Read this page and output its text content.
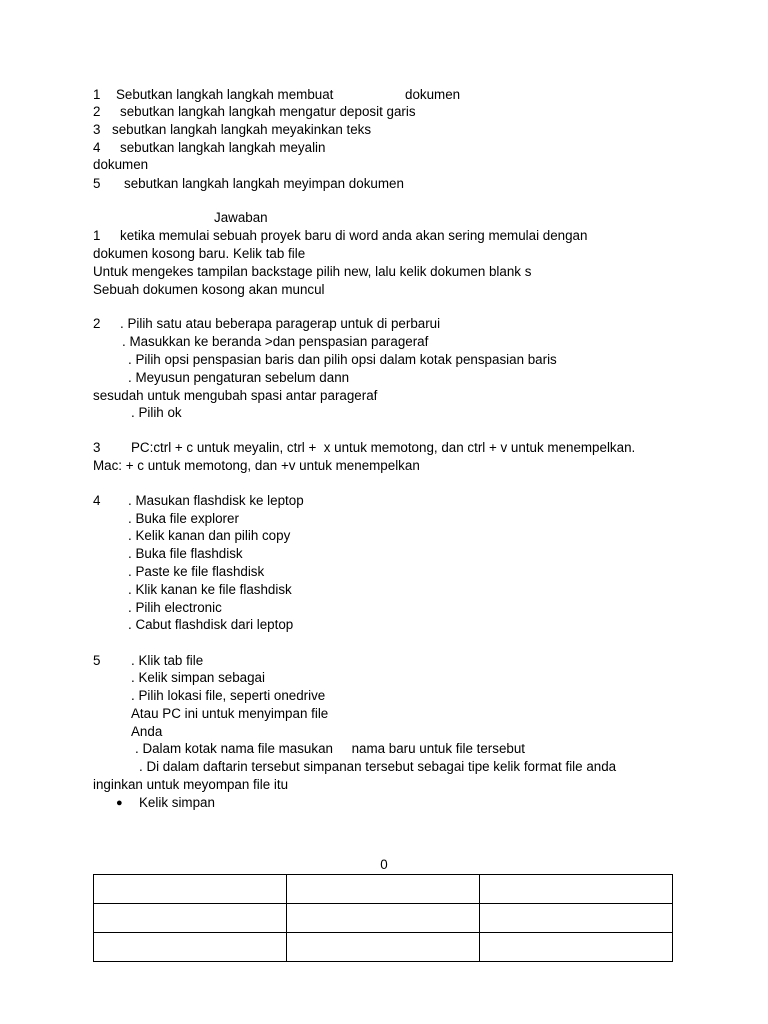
1 Sebutkan langkah langkah membuat	dokumen
2 sebutkan langkah langkah mengatur deposit garis
3 sebutkan langkah langkah meyakinkan teks
4 sebutkan langkah langkah meyalin
dokumen
5 sebutkan langkah langkah meyimpan dokumen
Jawaban
1 ketika memulai sebuah proyek baru di word anda akan sering memulai dengan
dokumen kosong baru. Kelik tab file
Untuk mengekes tampilan backstage pilih new, lalu kelik dokumen blank s
Sebuah dokumen kosong akan muncul
2 . Pilih satu atau beberapa paragerap untuk di perbarui
. Masukkan ke beranda >dan penspasian parageraf
. Pilih opsi penspasian baris dan pilih opsi dalam kotak penspasian baris
. Meyusun pengaturan sebelum dann
sesudah untuk mengubah spasi antar parageraf
. Pilih ok
3 PC:ctrl + c untuk meyalin, ctrl +  x untuk memotong, dan ctrl + v untuk menempelkan.
Mac: + c untuk memotong, dan +v untuk menempelkan
4 . Masukan flashdisk ke leptop
. Buka file explorer
. Kelik kanan dan pilih copy
. Buka file flashdisk
. Paste ke file flashdisk
. Klik kanan ke file flashdisk
. Pilih electronic
. Cabut flashdisk dari leptop
5 . Klik tab file
. Kelik simpan sebagai
. Pilih lokasi file, seperti onedrive
Atau PC ini untuk menyimpan file
Anda
. Dalam kotak nama file masukan     nama baru untuk file tersebut
. Di dalam daftarin tersebut simpanan tersebut sebagai tipe kelik format file anda
inginkan untuk meyompan file itu
● Kelik simpan
0
